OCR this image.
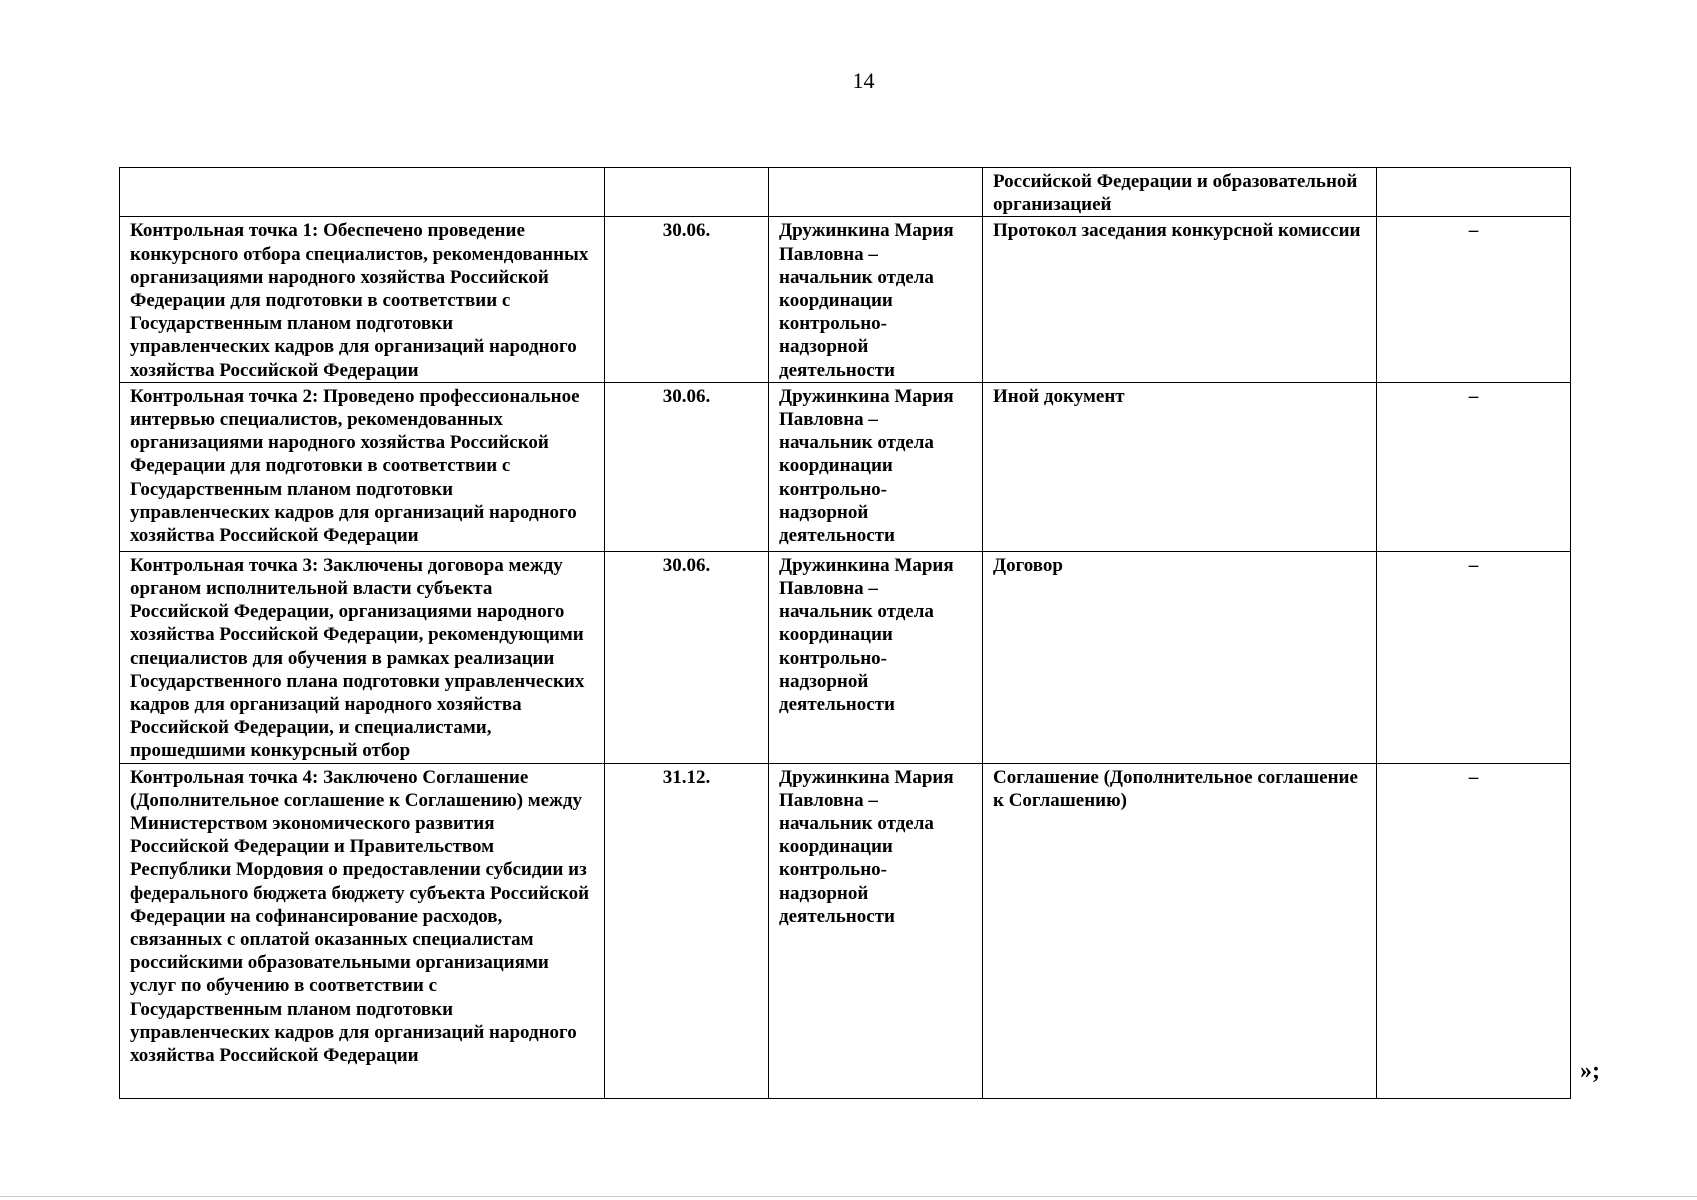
14
			Российской Федерации и образовательной организацией	
Контрольная точка 1: Обеспечено проведение конкурсного отбора специалистов, рекомендованных организациями народного хозяйства Российской Федерации для подготовки в соответствии с Государственным планом подготовки управленческих кадров для организаций народного хозяйства Российской Федерации	30.06.	Дружинкина Мария Павловна – начальник отдела координации контрольно-надзорной деятельности	Протокол заседания конкурсной комиссии	–
Контрольная точка 2: Проведено профессиональное интервью специалистов, рекомендованных организациями народного хозяйства Российской Федерации для подготовки в соответствии с Государственным планом подготовки управленческих кадров для организаций народного хозяйства Российской Федерации	30.06.	Дружинкина Мария Павловна – начальник отдела координации контрольно-надзорной деятельности	Иной документ	–
Контрольная точка 3: Заключены договора между органом исполнительной власти субъекта Российской Федерации, организациями народного хозяйства Российской Федерации, рекомендующими специалистов для обучения в рамках реализации Государственного плана подготовки управленческих кадров для организаций народного хозяйства Российской Федерации, и специалистами, прошедшими конкурсный отбор	30.06.	Дружинкина Мария Павловна – начальник отдела координации контрольно-надзорной деятельности	Договор	–
Контрольная точка 4: Заключено Соглашение (Дополнительное соглашение к Соглашению) между Министерством экономического развития Российской Федерации и Правительством Республики Мордовия о предоставлении субсидии из федерального бюджета бюджету субъекта Российской Федерации на софинансирование расходов, связанных с оплатой оказанных специалистам российскими образовательными организациями услуг по обучению в соответствии с Государственным планом подготовки управленческих кадров для организаций народного хозяйства Российской Федерации	31.12.	Дружинкина Мария Павловна – начальник отдела координации контрольно-надзорной деятельности	Соглашение (Дополнительное соглашение к Соглашению)	–
»;
